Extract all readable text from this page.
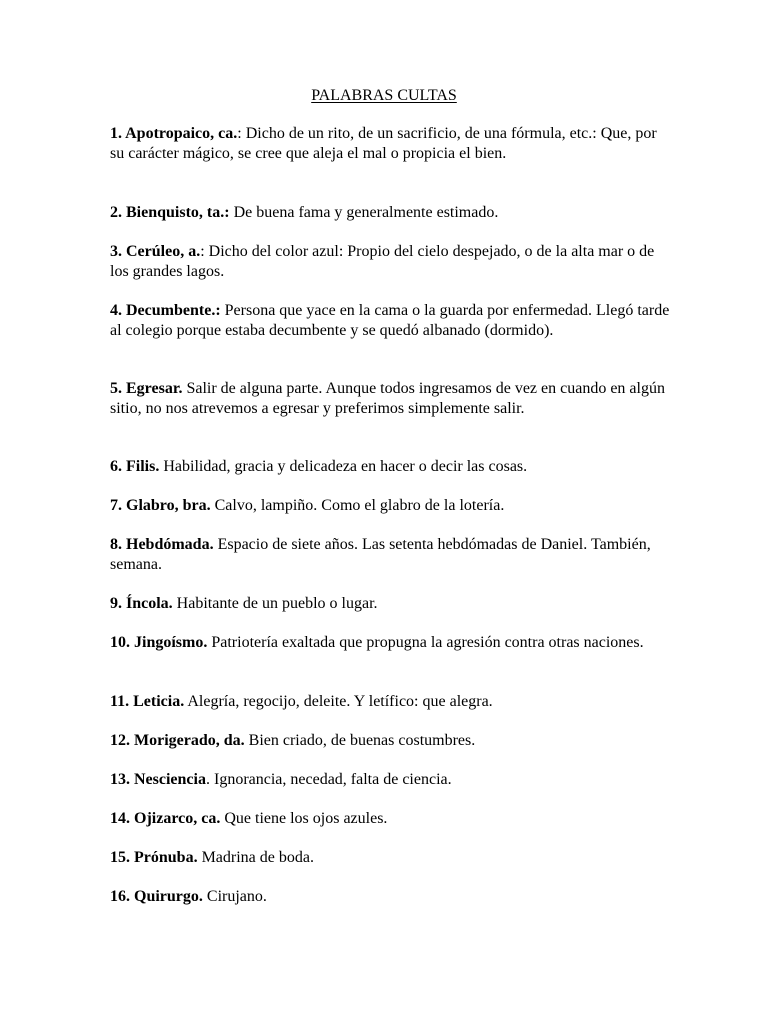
PALABRAS CULTAS
1. Apotropaico, ca.: Dicho de un rito, de un sacrificio, de una fórmula, etc.: Que, por su carácter mágico, se cree que aleja el mal o propicia el bien.
2. Bienquisto, ta.: De buena fama y generalmente estimado.
3. Cerúleo, a.: Dicho del color azul: Propio del cielo despejado, o de la alta mar o de los grandes lagos.
4. Decumbente.: Persona que yace en la cama o la guarda por enfermedad. Llegó tarde al colegio porque estaba decumbente y se quedó albanado (dormido).
5. Egresar. Salir de alguna parte. Aunque todos ingresamos de vez en cuando en algún sitio, no nos atrevemos a egresar y preferimos simplemente salir.
6. Filis. Habilidad, gracia y delicadeza en hacer o decir las cosas.
7. Glabro, bra. Calvo, lampiño. Como el glabro de la lotería.
8. Hebdómada. Espacio de siete años. Las setenta hebdómadas de Daniel. También, semana.
9. Íncola. Habitante de un pueblo o lugar.
10. Jingoísmo. Patriotería exaltada que propugna la agresión contra otras naciones.
11. Leticia. Alegría, regocijo, deleite. Y letífico: que alegra.
12. Morigerado, da. Bien criado, de buenas costumbres.
13. Nesciencia. Ignorancia, necedad, falta de ciencia.
14. Ojizarco, ca. Que tiene los ojos azules.
15. Prónuba. Madrina de boda.
16. Quirurgo. Cirujano.
